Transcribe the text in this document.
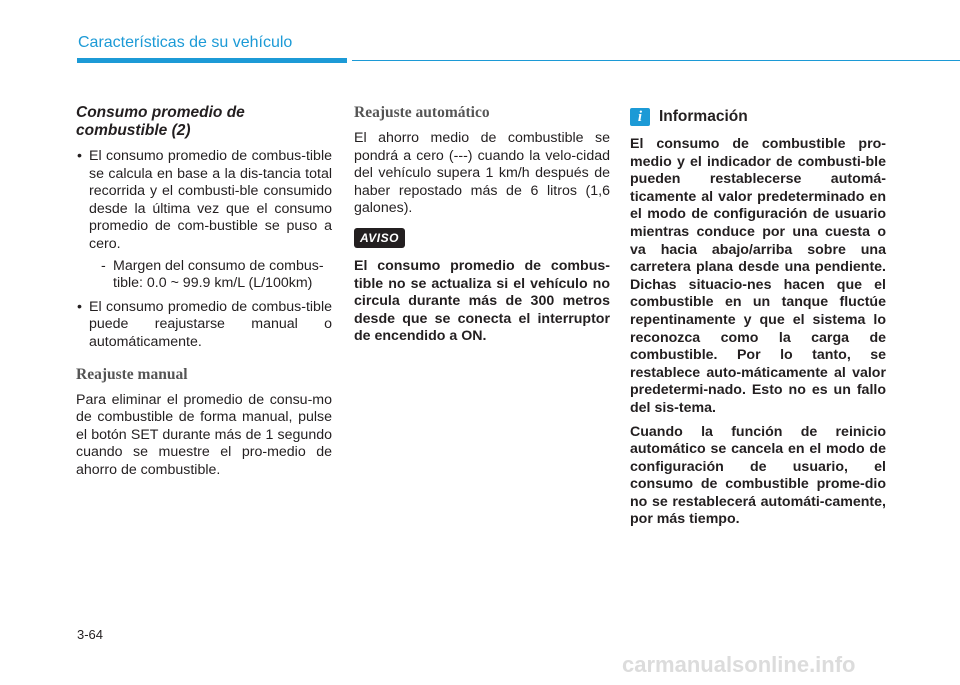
Características de su vehículo
Consumo promedio de
combustible (2)
• El consumo promedio de combus-tible se calcula en base a la dis-tancia total recorrida y el combusti-ble consumido desde la última vez que el consumo promedio de com-bustible se puso a cero.
- Margen del consumo de combus-tible: 0.0 ~ 99.9 km/L (L/100km)
• El consumo promedio de combus-tible puede reajustarse manual o automáticamente.
Reajuste manual

Para eliminar el promedio de consu-mo de combustible de forma manual, pulse el botón SET durante más de 1 segundo cuando se muestre el pro-medio de ahorro de combustible.

Reajuste automático

El ahorro medio de combustible se pondrá a cero (---) cuando la velo-cidad del vehículo supera 1 km/h después de haber repostado más de 6 litros (1,6 galones).

AVISO

El consumo promedio de combus-tible no se actualiza si el vehículo no circula durante más de 300 metros desde que se conecta el interruptor de encendido a ON.

i	Información

El consumo de combustible pro-medio y el indicador de combusti-ble pueden restablecerse automá-ticamente al valor predeterminado en el modo de configuración de usuario mientras conduce por una cuesta o va hacia abajo/arriba sobre una carretera plana desde una pendiente. Dichas situacio-nes hacen que el combustible en un tanque fluctúe repentinamente y que el sistema lo reconozca como la carga de combustible. Por lo tanto, se restablece auto-máticamente al valor predetermi-nado. Esto no es un fallo del sis-tema.

Cuando la función de reinicio automático se cancela en el modo de configuración de usuario, el consumo de combustible prome-dio no se restablecerá automáti-camente, por más tiempo.

3-64
carmanualsonline.info
